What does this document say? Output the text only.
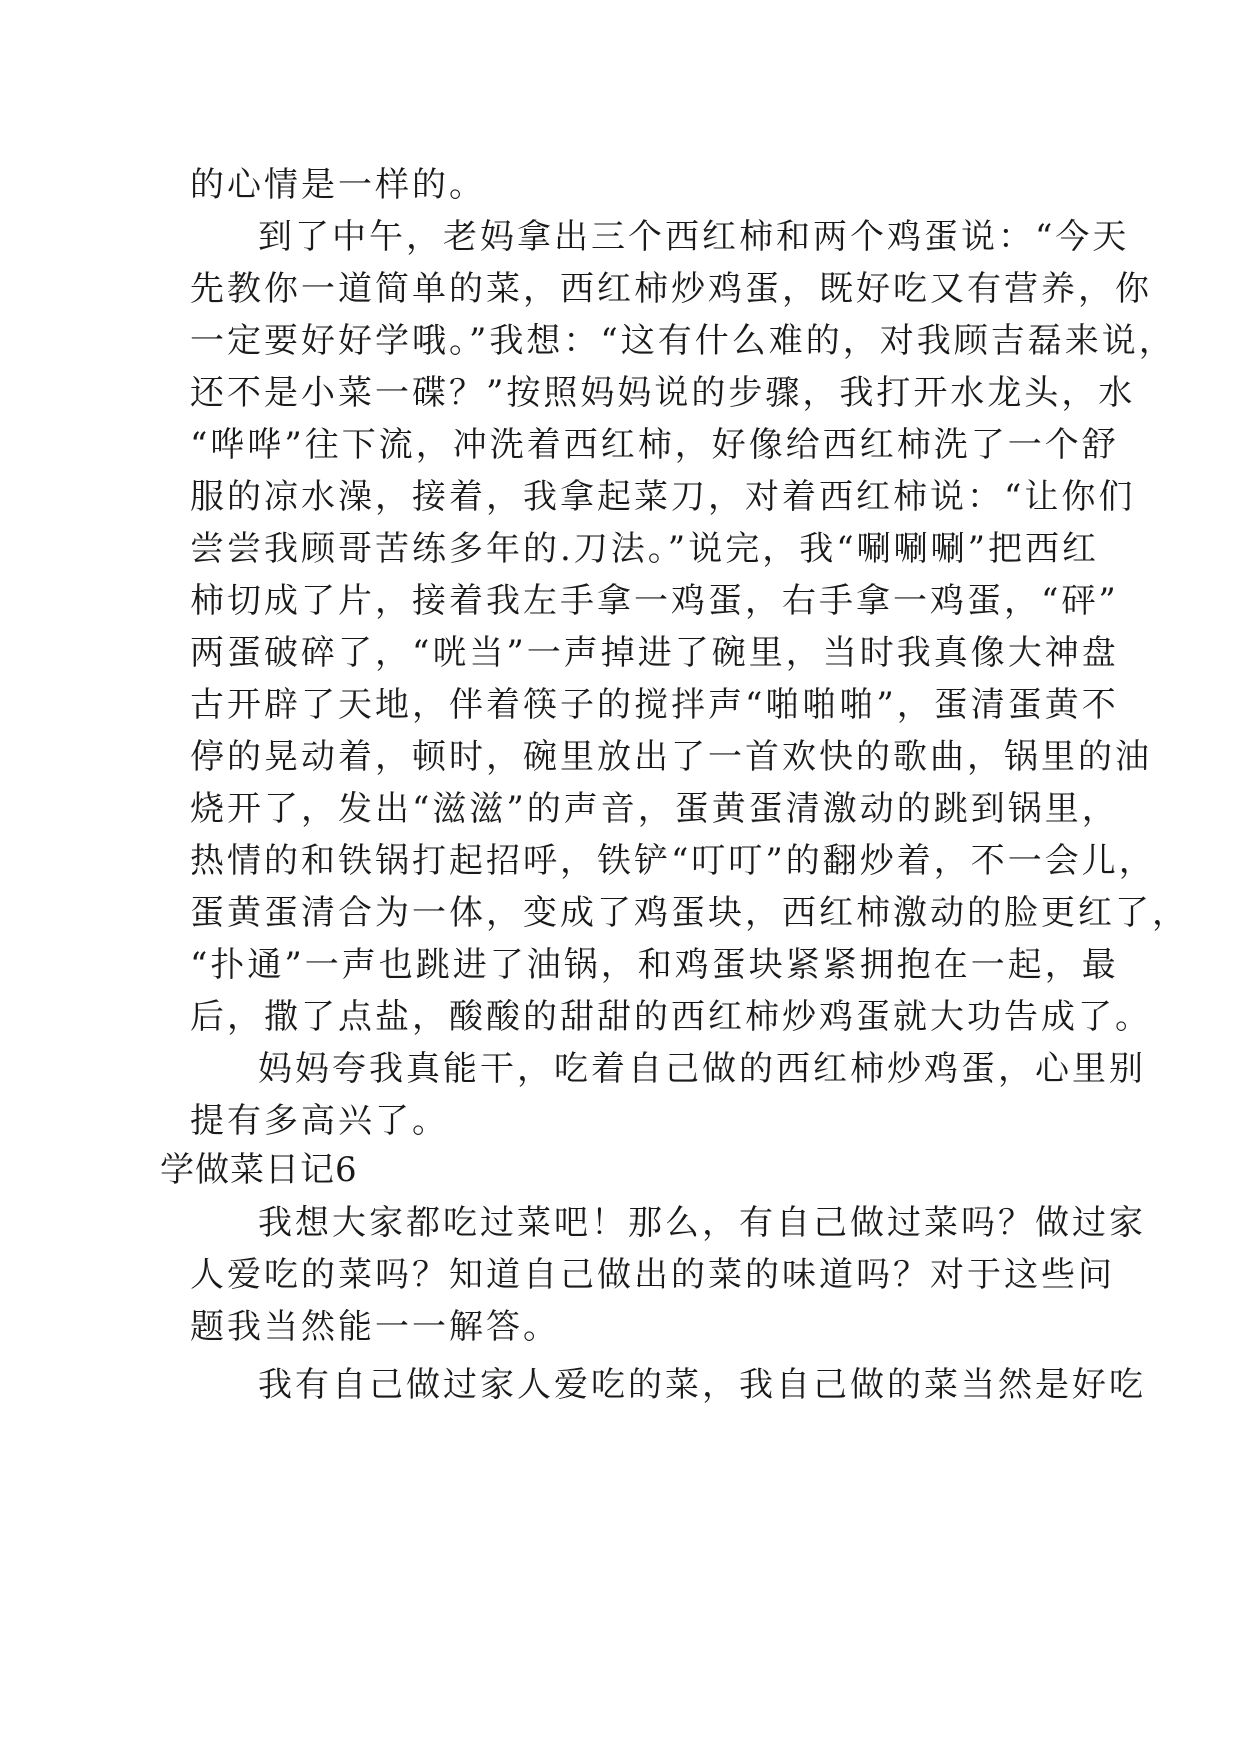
的心情是一样的。
到了中午，老妈拿出三个西红柿和两个鸡蛋说：“今天
先教你一道简单的菜，西红柿炒鸡蛋，既好吃又有营养，你
一定要好好学哦。”我想：“这有什么难的，对我顾吉磊来说，
还不是小菜一碟？”按照妈妈说的步骤，我打开水龙头，水
“哗哗”往下流，冲洗着西红柿，好像给西红柿洗了一个舒
服的凉水澡，接着，我拿起菜刀，对着西红柿说：“让你们
尝尝我顾哥苦练多年的.刀法。”说完，我“唰唰唰”把西红
柿切成了片，接着我左手拿一鸡蛋，右手拿一鸡蛋，“砰”
两蛋破碎了，“咣当”一声掉进了碗里，当时我真像大神盘
古开辟了天地，伴着筷子的搅拌声“啪啪啪”，蛋清蛋黄不
停的晃动着，顿时，碗里放出了一首欢快的歌曲，锅里的油
烧开了，发出“滋滋”的声音，蛋黄蛋清激动的跳到锅里，
热情的和铁锅打起招呼，铁铲“叮叮”的翻炒着，不一会儿，
蛋黄蛋清合为一体，变成了鸡蛋块，西红柿激动的脸更红了，
“扑通”一声也跳进了油锅，和鸡蛋块紧紧拥抱在一起，最
后，撒了点盐，酸酸的甜甜的西红柿炒鸡蛋就大功告成了。
妈妈夸我真能干，吃着自己做的西红柿炒鸡蛋，心里别
提有多高兴了。
学做菜日记6
我想大家都吃过菜吧！那么，有自己做过菜吗？做过家
人爱吃的菜吗？知道自己做出的菜的味道吗？对于这些问
题我当然能一一解答。
我有自己做过家人爱吃的菜，我自己做的菜当然是好吃
